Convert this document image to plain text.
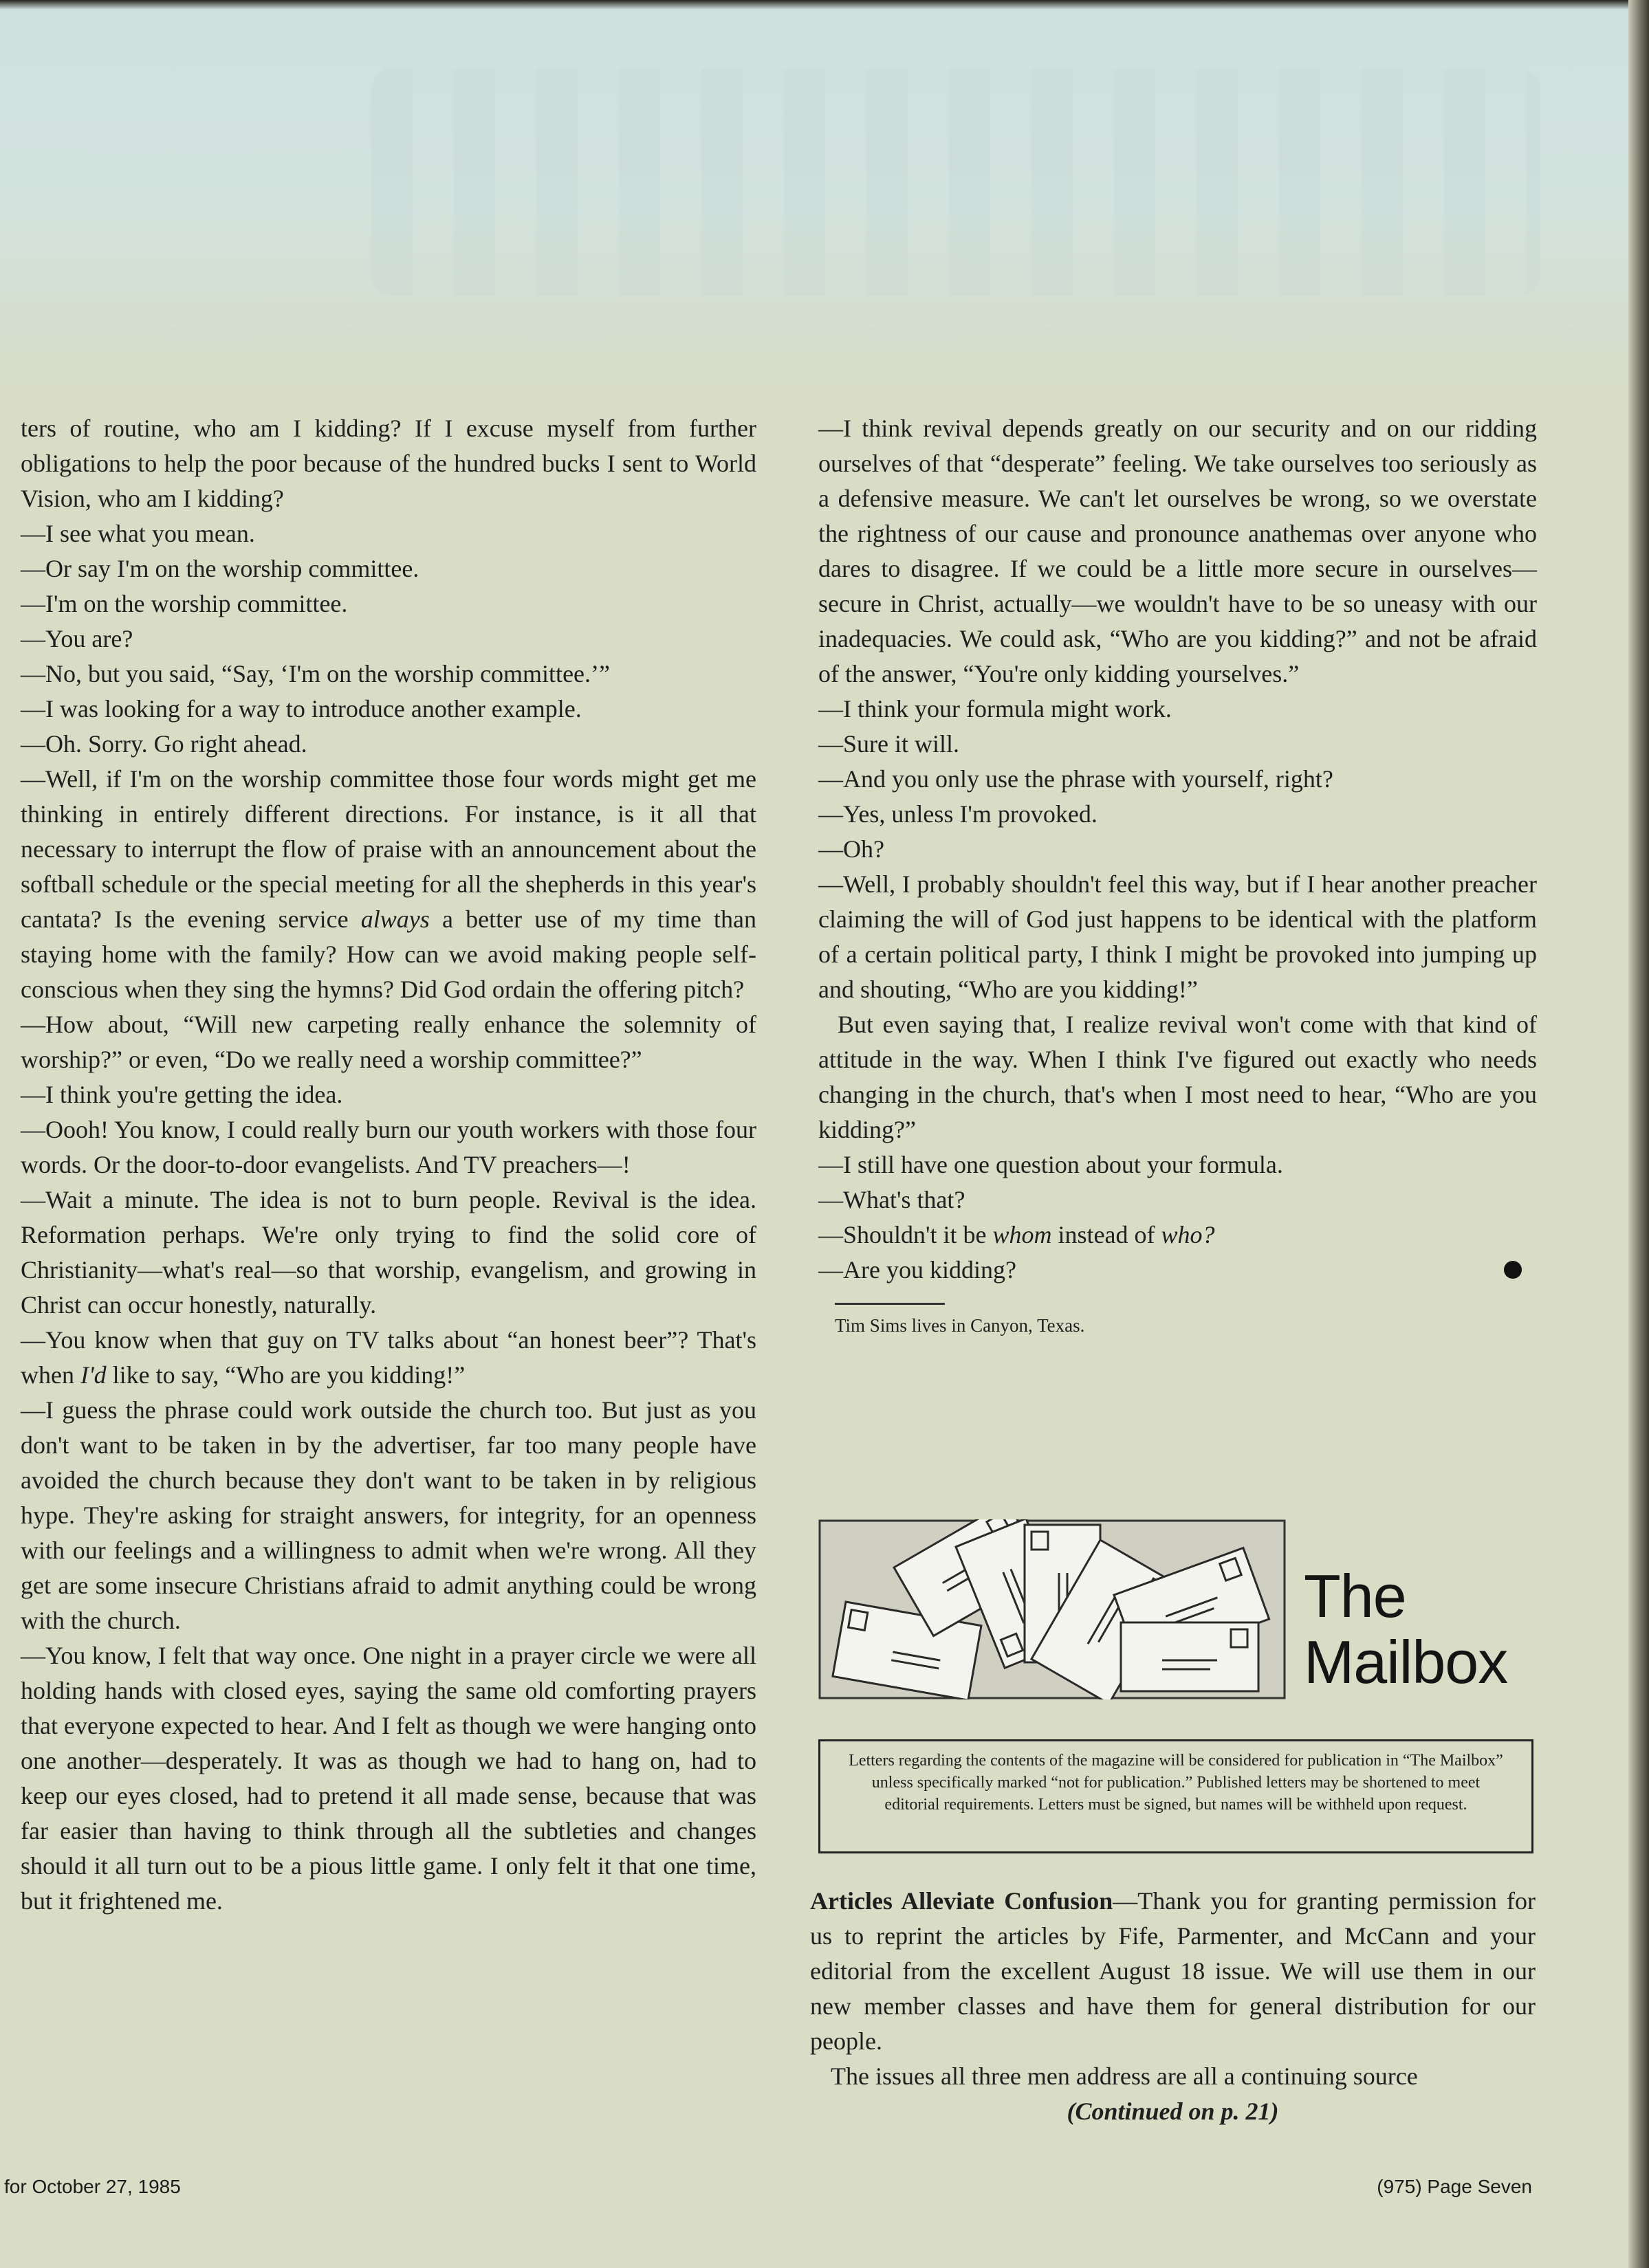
ters of routine, who am I kidding? If I excuse myself from further obligations to help the poor because of the hundred bucks I sent to World Vision, who am I kidding?

—I see what you mean.

—Or say I'm on the worship committee.

—I'm on the worship committee.

—You are?

—No, but you said, “Say, ‘I'm on the worship committee.’”

—I was looking for a way to introduce another example.

—Oh. Sorry. Go right ahead.

—Well, if I'm on the worship committee those four words might get me thinking in entirely different directions. For instance, is it all that necessary to interrupt the flow of praise with an announcement about the softball schedule or the special meeting for all the shepherds in this year's cantata? Is the evening service always a better use of my time than staying home with the family? How can we avoid making people self-conscious when they sing the hymns? Did God ordain the offering pitch?

—How about, “Will new carpeting really enhance the solemnity of worship?” or even, “Do we really need a worship committee?”

—I think you're getting the idea.

—Oooh! You know, I could really burn our youth workers with those four words. Or the door-to-door evangelists. And TV preachers—!

—Wait a minute. The idea is not to burn people. Revival is the idea. Reformation perhaps. We're only trying to find the solid core of Christianity—what's real—so that worship, evangelism, and growing in Christ can occur honestly, naturally.

—You know when that guy on TV talks about “an honest beer”? That's when I'd like to say, “Who are you kidding!”

—I guess the phrase could work outside the church too. But just as you don't want to be taken in by the advertiser, far too many people have avoided the church because they don't want to be taken in by religious hype. They're asking for straight answers, for integrity, for an openness with our feelings and a willingness to admit when we're wrong. All they get are some insecure Christians afraid to admit anything could be wrong with the church.

—You know, I felt that way once. One night in a prayer circle we were all holding hands with closed eyes, saying the same old comforting prayers that everyone expected to hear. And I felt as though we were hanging onto one another—desperately. It was as though we had to hang on, had to keep our eyes closed, had to pretend it all made sense, because that was far easier than having to think through all the subtleties and changes should it all turn out to be a pious little game. I only felt it that one time, but it frightened me.

—I think revival depends greatly on our security and on our ridding ourselves of that “desperate” feeling. We take ourselves too seriously as a defensive measure. We can't let ourselves be wrong, so we overstate the rightness of our cause and pronounce anathemas over anyone who dares to disagree. If we could be a little more secure in ourselves—secure in Christ, actually—we wouldn't have to be so uneasy with our inadequacies. We could ask, “Who are you kidding?” and not be afraid of the answer, “You're only kidding yourselves.”

—I think your formula might work.

—Sure it will.

—And you only use the phrase with yourself, right?

—Yes, unless I'm provoked.

—Oh?

—Well, I probably shouldn't feel this way, but if I hear another preacher claiming the will of God just happens to be identical with the platform of a certain political party, I think I might be provoked into jumping up and shouting, “Who are you kidding!”

But even saying that, I realize revival won't come with that kind of attitude in the way. When I think I've figured out exactly who needs changing in the church, that's when I most need to hear, “Who are you kidding?”

—I still have one question about your formula.

—What's that?

—Shouldn't it be whom instead of who?

—Are you kidding?

Tim Sims lives in Canyon, Texas.
The
Mailbox
Letters regarding the contents of the magazine will be considered for publication in “The Mailbox” unless specifically marked “not for publication.” Published letters may be shortened to meet editorial requirements. Letters must be signed, but names will be withheld upon request.

Articles Alleviate Confusion—Thank you for granting permission for us to reprint the articles by Fife, Parmenter, and McCann and your editorial from the excellent August 18 issue. We will use them in our new member classes and have them for general distribution for our people.

The issues all three men address are all a continuing source

(Continued on p. 21)

for October 27, 1985	(975) Page Seven
